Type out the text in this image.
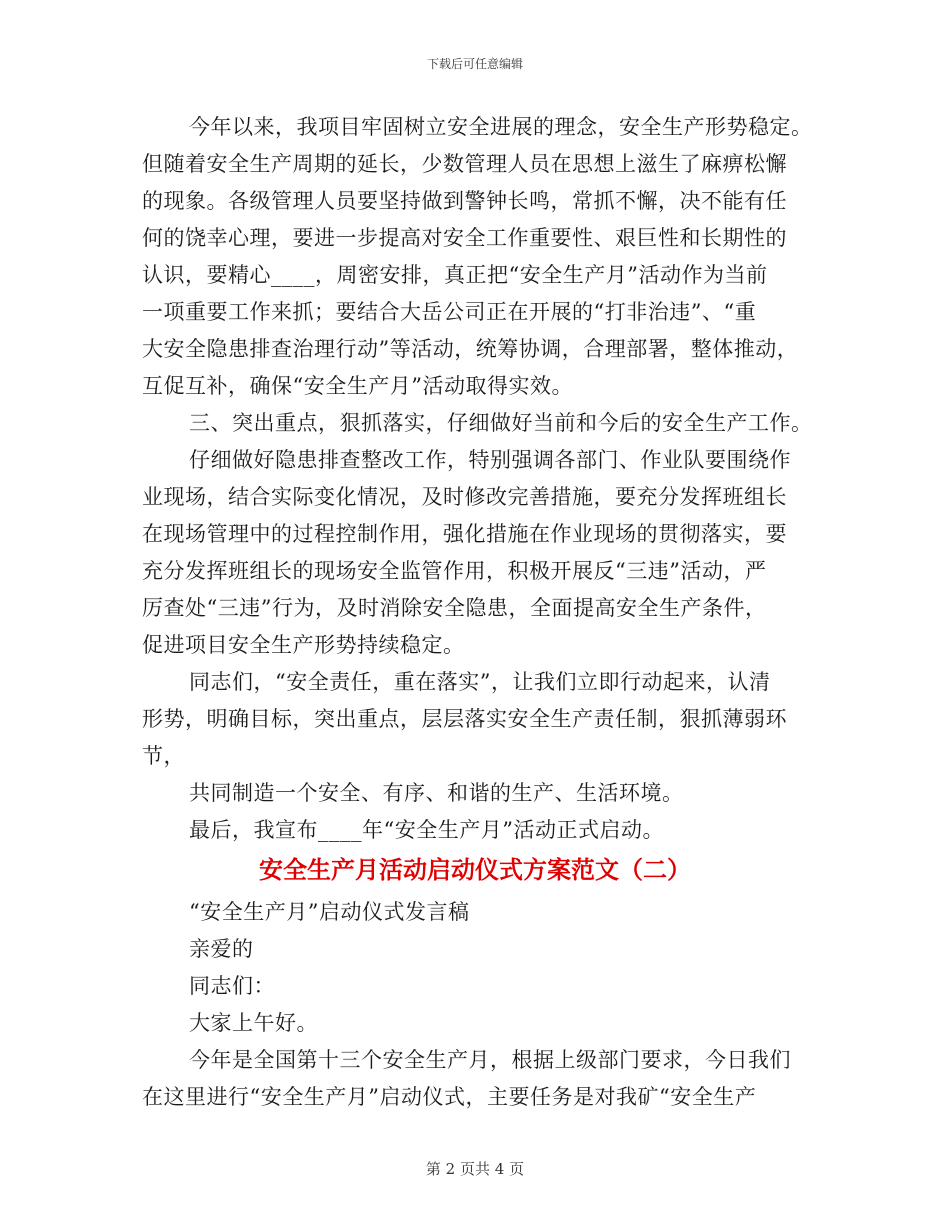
下载后可任意编辑
今年以来，我项目牢固树立安全进展的理念，安全生产形势稳定。
但随着安全生产周期的延长，少数管理人员在思想上滋生了麻痹松懈
的现象。各级管理人员要坚持做到警钟长鸣，常抓不懈，决不能有任
何的饶幸心理，要进一步提高对安全工作重要性、艰巨性和长期性的
认识，要精心____，周密安排，真正把“安全生产月”活动作为当前
一项重要工作来抓；要结合大岳公司正在开展的“打非治违”、“重
大安全隐患排查治理行动”等活动，统筹协调，合理部署，整体推动，
互促互补，确保“安全生产月”活动取得实效。
三、突出重点，狠抓落实，仔细做好当前和今后的安全生产工作。
仔细做好隐患排查整改工作，特别强调各部门、作业队要围绕作
业现场，结合实际变化情况，及时修改完善措施，要充分发挥班组长
在现场管理中的过程控制作用，强化措施在作业现场的贯彻落实，要
充分发挥班组长的现场安全监管作用，积极开展反“三违”活动，严
厉查处“三违”行为，及时消除安全隐患，全面提高安全生产条件，
促进项目安全生产形势持续稳定。
同志们，“安全责任，重在落实”，让我们立即行动起来，认清
形势，明确目标，突出重点，层层落实安全生产责任制，狠抓薄弱环
节，
共同制造一个安全、有序、和谐的生产、生活环境。
最后，我宣布____年“安全生产月”活动正式启动。
安全生产月活动启动仪式方案范文（二）
“安全生产月”启动仪式发言稿
亲爱的
同志们：
大家上午好。
今年是全国第十三个安全生产月，根据上级部门要求，今日我们
在这里进行“安全生产月”启动仪式，主要任务是对我矿“安全生产
第 2 页共 4 页
